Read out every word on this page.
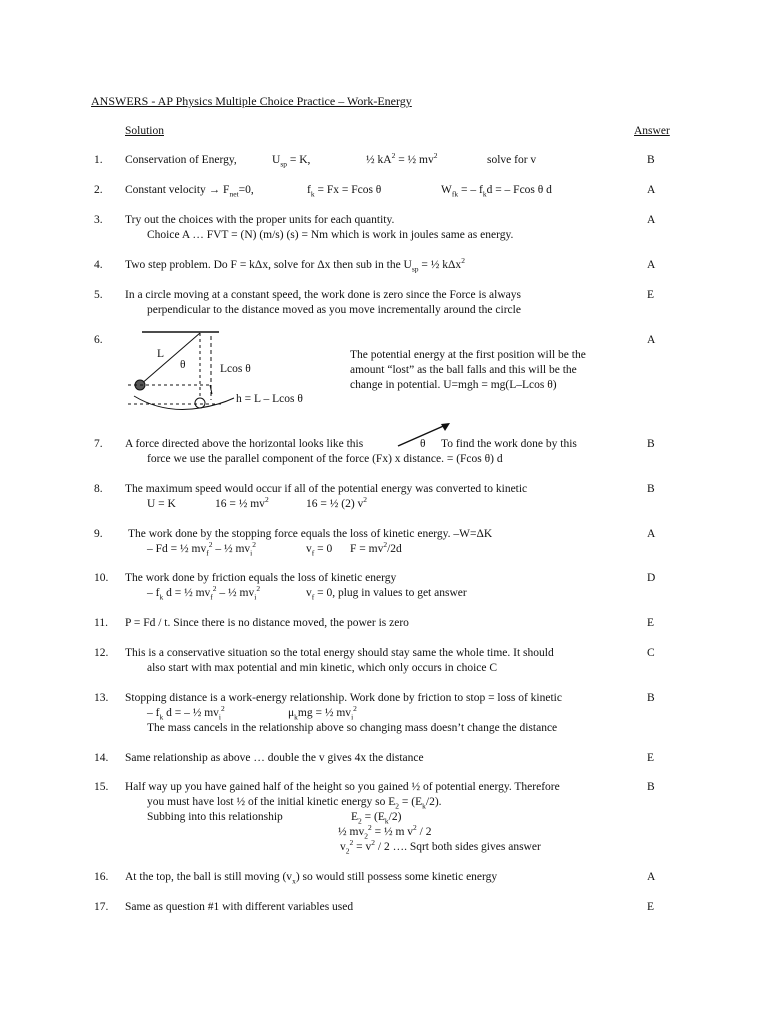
ANSWERS - AP Physics Multiple Choice Practice – Work-Energy
Solution	Answer
1. Conservation of Energy,	$U_{sp} = K$,	½ $kA^2$ = ½ $mv^2$	solve for v	B
2. Constant velocity → $F_{net}=0$,	$f_k = Fx = Fcos$ θ	$W_{fk}$ = – $f_kd$ = – Fcos θ d	A
3. Try out the choices with the proper units for each quantity.
Choice A … FVT = (N) (m/s) (s) = Nm which is work in joules same as energy.
A
4. Two step problem. Do F = kΔx, solve for Δx then sub in the $U_{sp}$ = ½ kΔx$^2$	A
5. In a circle moving at a constant speed, the work done is zero since the Force is always
perpendicular to the distance moved as you move incrementally around the circle
E
6.
L
θ	Lcos θ
h = L – Lcos θ
The potential energy at the first position will be the
amount “lost” as the ball falls and this will be the
change in potential. U=mgh = mg(L–Lcos θ)
A
7. A force directed above the horizontal looks like this	θ To find the work done by this
force we use the parallel component of the force (Fx) x distance. = (Fcos θ) d
B
8. The maximum speed would occur if all of the potential energy was converted to kinetic
U = K	16 = ½ $mv^2$	16 = ½ (2) $v^2$
B
9. The work done by the stopping force equals the loss of kinetic energy. –W=ΔK
– Fd = ½ $mv_f^2$ – ½ $mv_i^2$	$v_f = 0$ $F = mv^2/2d$
A
10. The work done by friction equals the loss of kinetic energy
– $f_k$ d = ½ $mv_f^2$ – ½ $mv_i^2$	$v_f = 0$, plug in values to get answer
D
11. P = Fd / t. Since there is no distance moved, the power is zero	E
12. This is a conservative situation so the total energy should stay same the whole time. It should
also start with max potential and min kinetic, which only occurs in choice C
C
13. Stopping distance is a work-energy relationship. Work done by friction to stop = loss of kinetic
– $f_k$ d = – ½ $mv_i^2$	$\mu_kmg$ = ½ $mv_i^2$
The mass cancels in the relationship above so changing mass doesn’t change the distance
B
14. Same relationship as above … double the v gives 4x the distance	E
15. Half way up you have gained half of the height so you gained ½ of potential energy. Therefore
you must have lost ½ of the initial kinetic energy so $E_2 = (E_k/2)$.
Subbing into this relationship	$E_2 = (E_k/2)$
½ $mv_2^2$ = ½ m $v^2 / 2$
$v_2^2 = v^2 / 2$ …. Sqrt both sides gives answer
B
16. At the top, the ball is still moving $(v_x)$ so would still possess some kinetic energy	A
17. Same as question #1 with different variables used	E
